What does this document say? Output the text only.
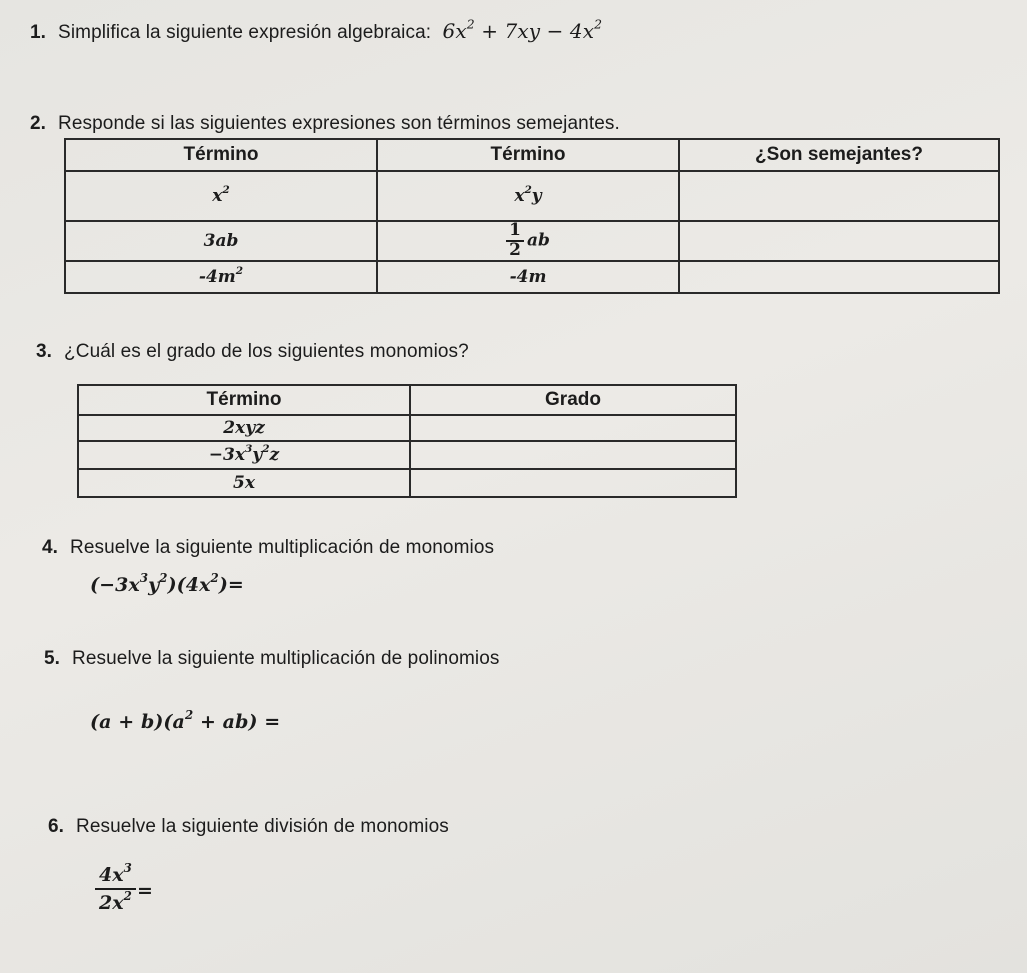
1. Simplifica la siguiente expresión algebraica: $6x^2 + 7xy - 4x^2$
2. Responde si las siguientes expresiones son términos semejantes.
Término	Término	¿Son semejantes?
$x^2$	$x^2y$	
3ab	$\frac{1}{2}$ ab	
$-4m^2$	-4m	
3. ¿Cuál es el grado de los siguientes monomios?
Término	Grado
2xyz	
$-3x^3y^2z$	
5x	
4. Resuelve la siguiente multiplicación de monomios
$(-3x^3y^2)(4x^2)=$
5. Resuelve la siguiente multiplicación de polinomios
$(a + b)(a^2 + ab)$ =
6. Resuelve la siguiente división de monomios
$\frac{4x^3}{2x^2}$ =
